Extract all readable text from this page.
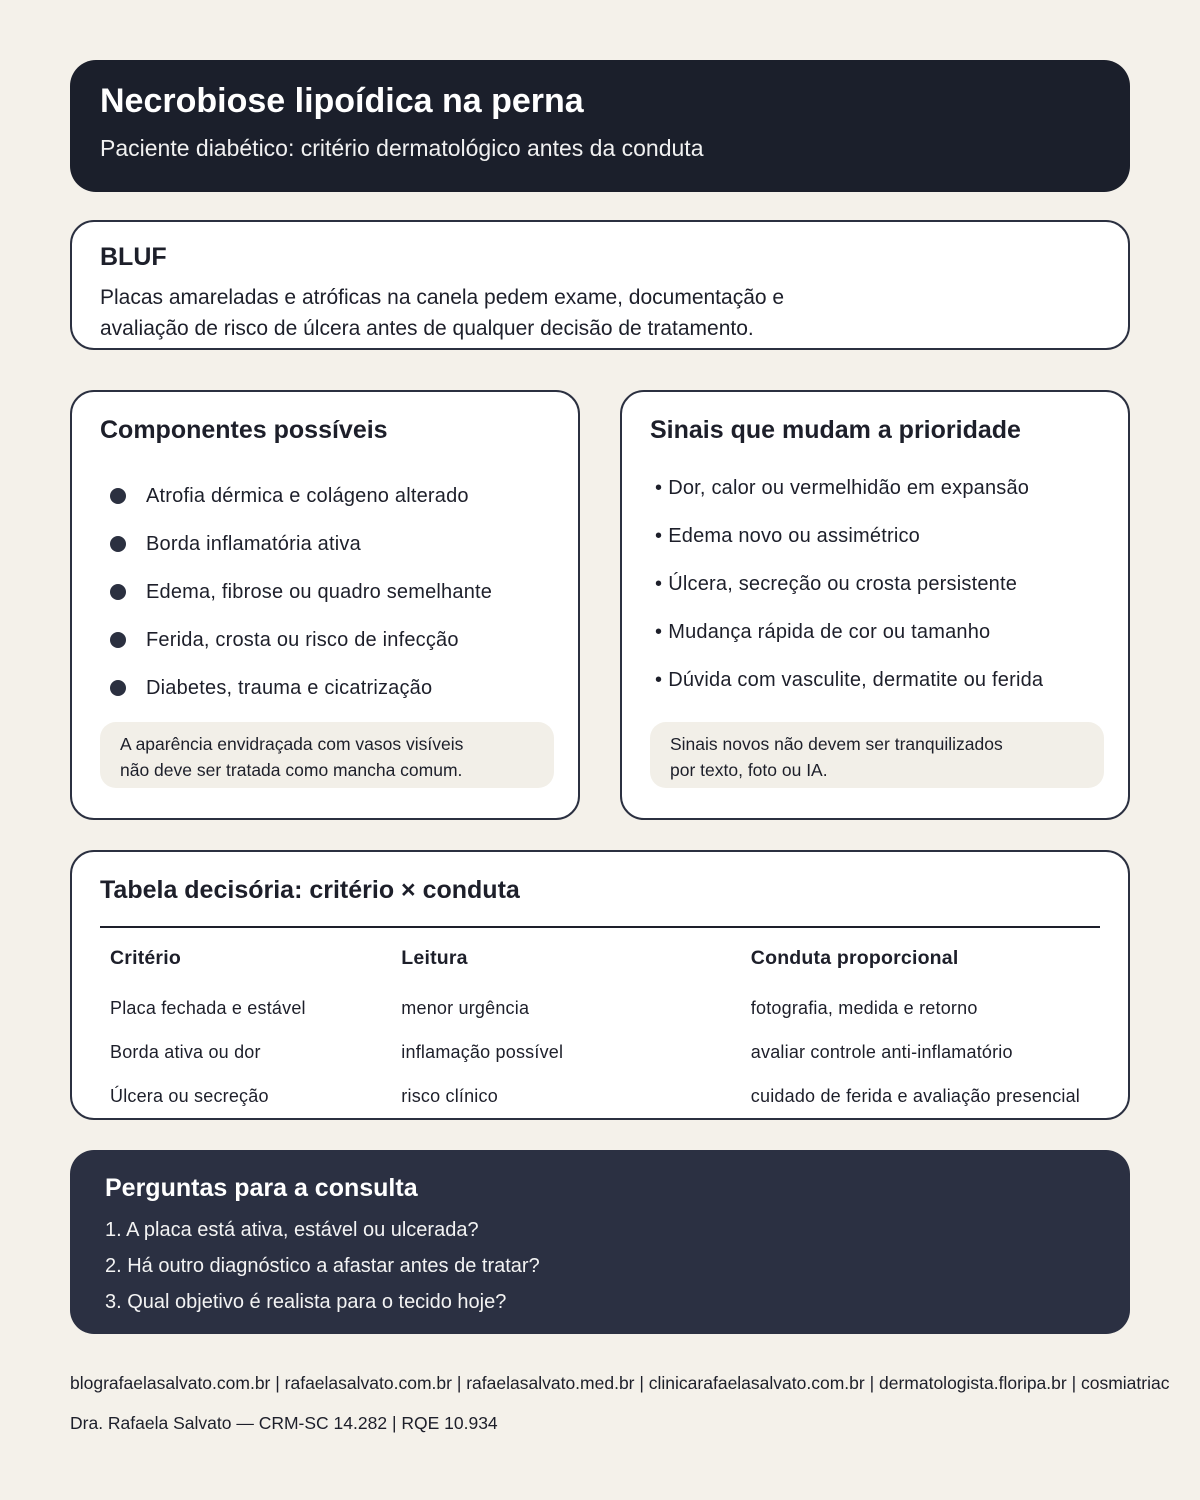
Necrobiose lipoídica na perna
Paciente diabético: critério dermatológico antes da conduta
BLUF

Placas amareladas e atróficas na canela pedem exame, documentação e avaliação de risco de úlcera antes de qualquer decisão de tratamento.

Componentes possíveis
Atrofia dérmica e colágeno alterado
Borda inflamatória ativa
Edema, fibrose ou quadro semelhante
Ferida, crosta ou risco de infecção
Diabetes, trauma e cicatrização
A aparência envidraçada com vasos visíveis
não deve ser tratada como mancha comum.
Sinais que mudam a prioridade
• Dor, calor ou vermelhidão em expansão
• Edema novo ou assimétrico
• Úlcera, secreção ou crosta persistente
• Mudança rápida de cor ou tamanho
• Dúvida com vasculite, dermatite ou ferida
Sinais novos não devem ser tranquilizados
por texto, foto ou IA.
Tabela decisória: critério × conduta
Critério	Leitura	Conduta proporcional
Placa fechada e estável	menor urgência	fotografia, medida e retorno
Borda ativa ou dor	inflamação possível	avaliar controle anti-inflamatório
Úlcera ou secreção	risco clínico	cuidado de ferida e avaliação presencial
Perguntas para a consulta
1. A placa está ativa, estável ou ulcerada?
2. Há outro diagnóstico a afastar antes de tratar?
3. Qual objetivo é realista para o tecido hoje?
blografaelasalvato.com.br | rafaelasalvato.com.br | rafaelasalvato.med.br | clinicarafaelasalvato.com.br | dermatologista.floripa.br | cosmiatriac
Dra. Rafaela Salvato — CRM-SC 14.282 | RQE 10.934
